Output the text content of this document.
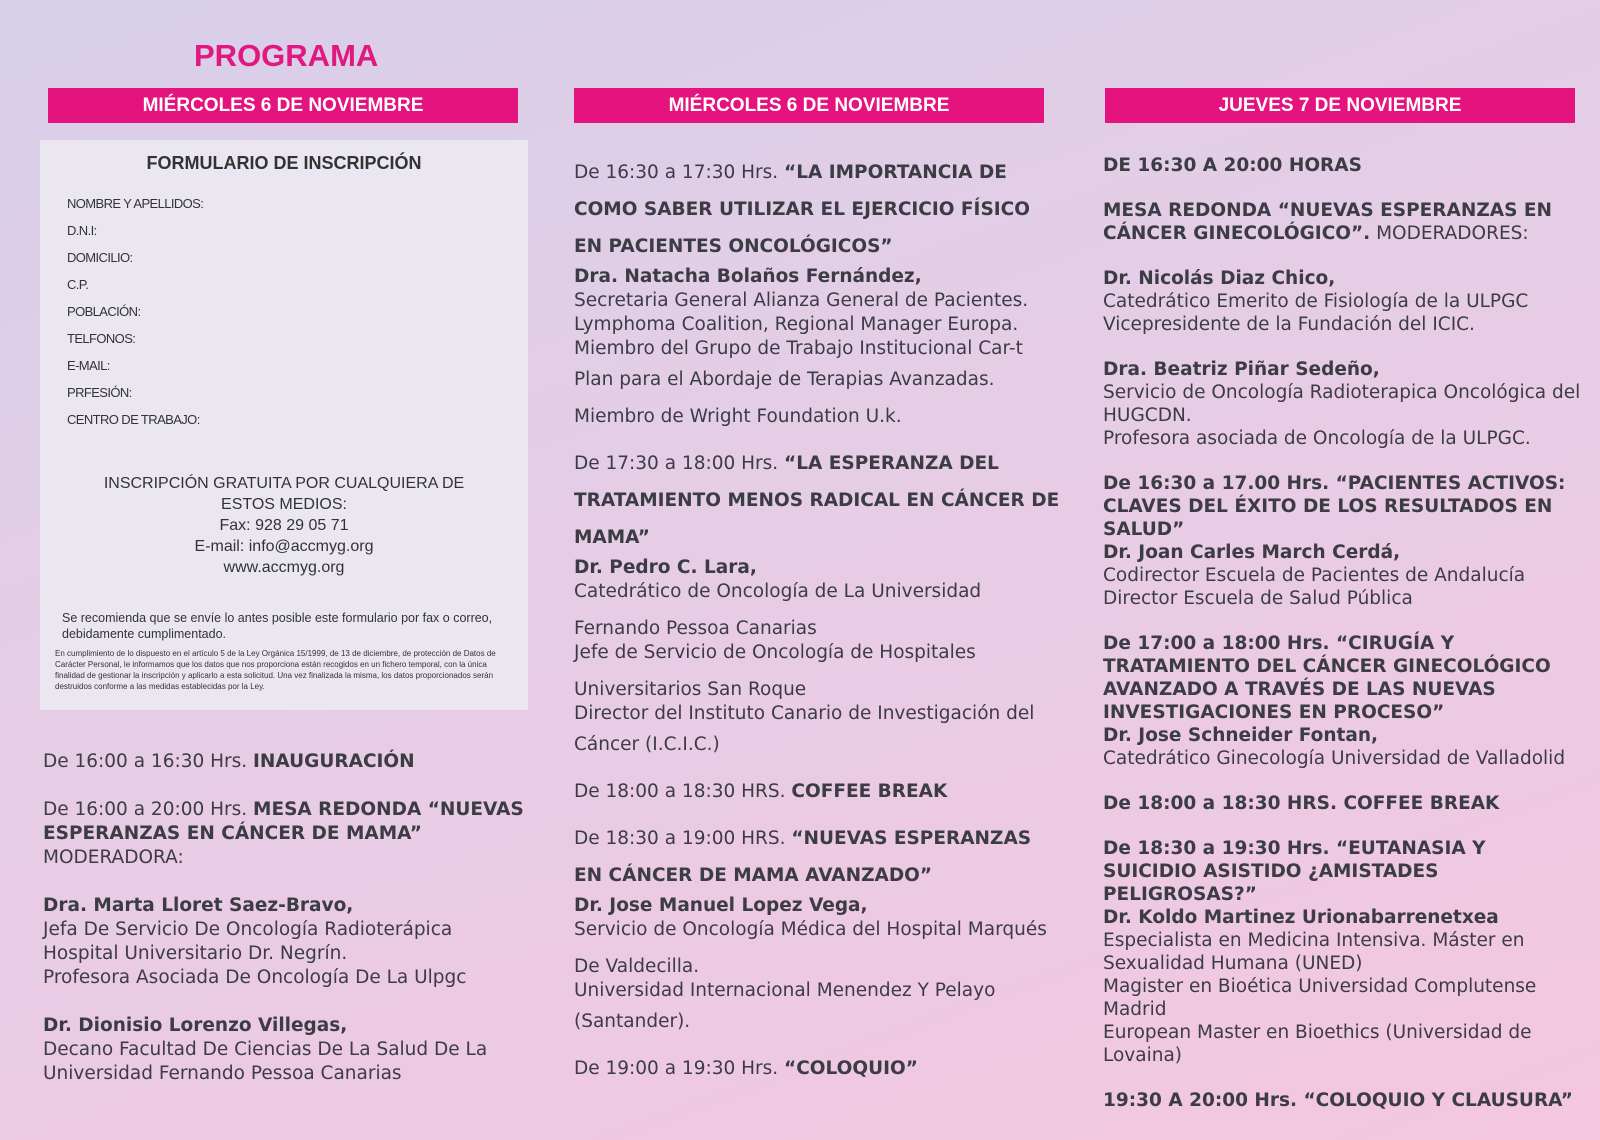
PROGRAMA
MIÉRCOLES 6 DE NOVIEMBRE	MIÉRCOLES 6 DE NOVIEMBRE	JUEVES 7 DE NOVIEMBRE
FORMULARIO DE INSCRIPCIÓN
NOMBRE Y APELLIDOS:
D.N.I:
DOMICILIO:
C.P.
POBLACIÓN:
TELFONOS:
E-MAIL:
PRFESIÓN:
CENTRO DE TRABAJO:
INSCRIPCIÓN GRATUITA POR CUALQUIERA DE ESTOS MEDIOS:
Fax: 928 29 05 71
E-mail: info@accmyg.org
www.accmyg.org
Se recomienda que se envíe lo antes posible este formulario por fax o correo, debidamente cumplimentado.
En cumplimiento de lo dispuesto en el artículo 5 de la Ley Orgánica 15/1999, de 13 de diciembre, de protección de Datos de Carácter Personal, le informamos que los datos que nos proporciona están recogidos en un fichero temporal, con la única finalidad de gestionar la inscripción y aplicarlo a esta solicitud. Una vez finalizada la misma, los datos proporcionados serán destruidos conforme a las medidas establecidas por la Ley.

De 16:00 a 16:30 Hrs. INAUGURACIÓN

De 16:00 a 20:00 Hrs. MESA REDONDA “NUEVAS ESPERANZAS EN CÁNCER DE MAMA”

MODERADORA:

Dra. Marta Lloret Saez-Bravo,

Jefa De Servicio De Oncología Radioterápica Hospital Universitario Dr. Negrín.
Profesora Asociada De Oncología De La Ulpgc

Dr. Dionisio Lorenzo Villegas,

Decano Facultad De Ciencias De La Salud De La Universidad Fernando Pessoa Canarias

De 16:30 a 17:30 Hrs. “LA IMPORTANCIA DE COMO SABER UTILIZAR EL EJERCICIO FÍSICO EN PACIENTES ONCOLÓGICOS”

Dra. Natacha Bolaños Fernández,

Secretaria General Alianza General de Pacientes.
Lymphoma Coalition, Regional Manager Europa.
Miembro del Grupo de Trabajo Institucional Car-t

Plan para el Abordaje de Terapias Avanzadas.

Miembro de Wright Foundation U.k.

De 17:30 a 18:00 Hrs. “LA ESPERANZA DEL TRATAMIENTO MENOS RADICAL EN CÁNCER DE MAMA”

Dr. Pedro C. Lara,

Catedrático de Oncología de La Universidad

Fernando Pessoa Canarias
Jefe de Servicio de Oncología de Hospitales

Universitarios San Roque
Director del Instituto Canario de Investigación del

Cáncer (I.C.I.C.)

De 18:00 a 18:30 HRS. COFFEE BREAK

De 18:30 a 19:00 HRS. “NUEVAS ESPERANZAS EN CÁNCER DE MAMA AVANZADO”

Dr. Jose Manuel Lopez Vega,

Servicio de Oncología Médica del Hospital Marqués

De Valdecilla.
Universidad Internacional Menendez Y Pelayo

(Santander).

De 19:00 a 19:30 Hrs. “COLOQUIO”

DE 16:30 A 20:00 HORAS

MESA REDONDA “NUEVAS ESPERANZAS EN CÁNCER GINECOLÓGICO”. MODERADORES:

Dr. Nicolás Diaz Chico,

Catedrático Emerito de Fisiología de la ULPGC
Vicepresidente de la Fundación del ICIC.

Dra. Beatriz Piñar Sedeño,

Servicio de Oncología Radioterapica Oncológica del HUGCDN.
Profesora asociada de Oncología de la ULPGC.

De 16:30 a 17.00 Hrs. “PACIENTES ACTIVOS: CLAVES DEL ÉXITO DE LOS RESULTADOS EN SALUD”

Dr. Joan Carles March Cerdá,

Codirector Escuela de Pacientes de Andalucía
Director Escuela de Salud Pública

De 17:00 a 18:00 Hrs. “CIRUGÍA Y TRATAMIENTO DEL CÁNCER GINECOLÓGICO AVANZADO A TRAVÉS DE LAS NUEVAS INVESTIGACIONES EN PROCESO”

Dr. Jose Schneider Fontan,

Catedrático Ginecología Universidad de Valladolid

De 18:00 a 18:30 HRS. COFFEE BREAK

De 18:30 a 19:30 Hrs. “EUTANASIA Y SUICIDIO ASISTIDO ¿AMISTADES PELIGROSAS?”

Dr. Koldo Martinez Urionabarrenetxea

Especialista en Medicina Intensiva. Máster en Sexualidad Humana (UNED)
Magister en Bioética Universidad Complutense Madrid
European Master en Bioethics (Universidad de Lovaina)

19:30 A 20:00 Hrs. “COLOQUIO Y CLAUSURA”
